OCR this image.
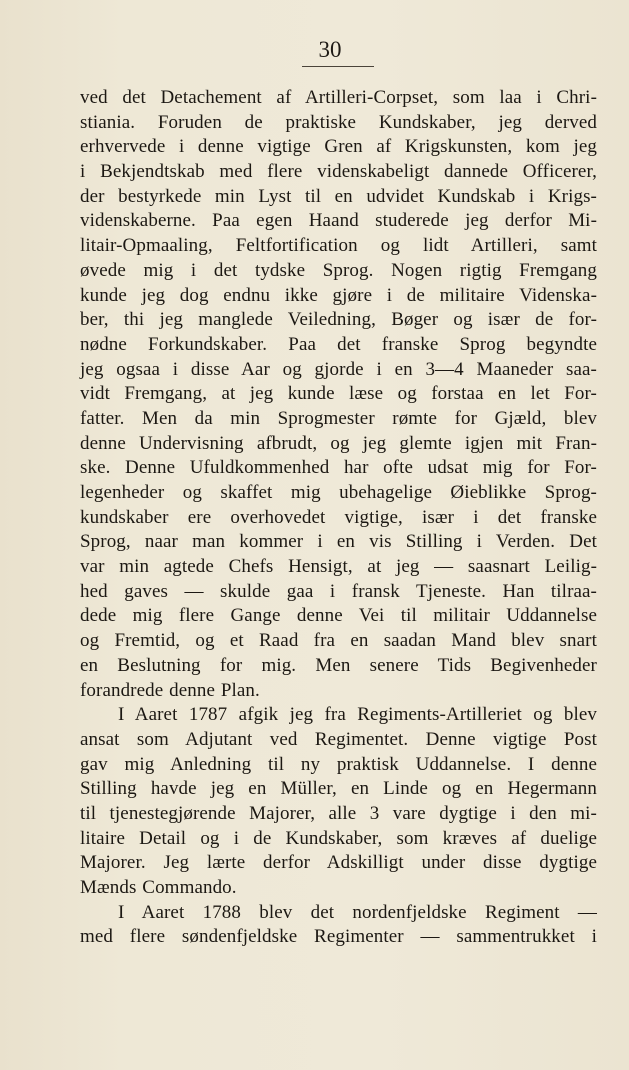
30
ved det Detachement af Artilleri-Corpset, som laa i Chri-
stiania. Foruden de praktiske Kundskaber, jeg derved
erhvervede i denne vigtige Gren af Krigskunsten, kom jeg
i Bekjendtskab med flere videnskabeligt dannede Officerer,
der bestyrkede min Lyst til en udvidet Kundskab i Krigs-
videnskaberne. Paa egen Haand studerede jeg derfor Mi-
litair-Opmaaling, Feltfortification og lidt Artilleri, samt
øvede mig i det tydske Sprog. Nogen rigtig Fremgang
kunde jeg dog endnu ikke gjøre i de militaire Videnska-
ber, thi jeg manglede Veiledning, Bøger og især de for-
nødne Forkundskaber. Paa det franske Sprog begyndte
jeg ogsaa i disse Aar og gjorde i en 3—4 Maaneder saa-
vidt Fremgang, at jeg kunde læse og forstaa en let For-
fatter. Men da min Sprogmester rømte for Gjæld, blev
denne Undervisning afbrudt, og jeg glemte igjen mit Fran-
ske. Denne Ufuldkommenhed har ofte udsat mig for For-
legenheder og skaffet mig ubehagelige Øieblikke Sprog-
kundskaber ere overhovedet vigtige, især i det franske
Sprog, naar man kommer i en vis Stilling i Verden. Det
var min agtede Chefs Hensigt, at jeg — saasnart Leilig-
hed gaves — skulde gaa i fransk Tjeneste. Han tilraa-
dede mig flere Gange denne Vei til militair Uddannelse
og Fremtid, og et Raad fra en saadan Mand blev snart
en Beslutning for mig. Men senere Tids Begivenheder
forandrede denne Plan.
I Aaret 1787 afgik jeg fra Regiments-Artilleriet og blev
ansat som Adjutant ved Regimentet. Denne vigtige Post
gav mig Anledning til ny praktisk Uddannelse. I denne
Stilling havde jeg en Müller, en Linde og en Hegermann
til tjenestegjørende Majorer, alle 3 vare dygtige i den mi-
litaire Detail og i de Kundskaber, som kræves af duelige
Majorer. Jeg lærte derfor Adskilligt under disse dygtige
Mænds Commando.
I Aaret 1788 blev det nordenfjeldske Regiment —
med flere søndenfjeldske Regimenter — sammentrukket i
